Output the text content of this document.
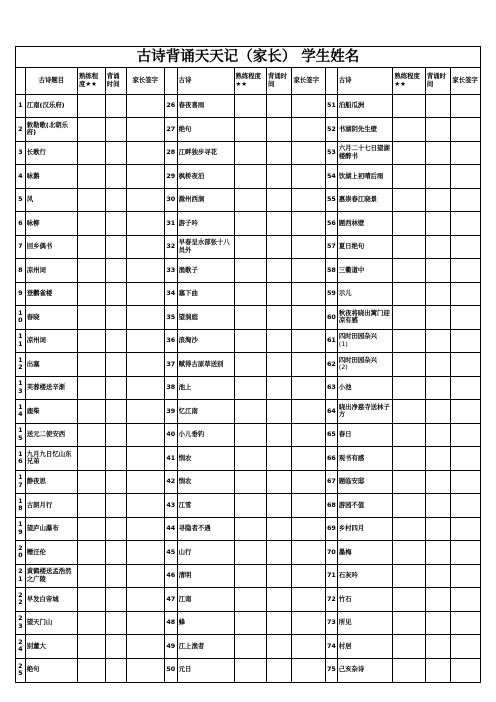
古诗背诵天天记（家长） 学生姓名
	古诗题目	熟练程度★★	背诵时间	家长签字		古诗	熟练程度★★	背诵时间	家长签字		古诗	熟练程度★★	背诵时间	家长签字
1	江南(汉乐府)				26	春夜喜雨				51	泊船瓜洲			
2	敕勒歌(北朝乐府)				27	绝句				52	书湖阴先生壁			
3	长歌行				28	江畔独步寻花				53	六月二十七日望湖楼醉书			
4	咏鹅				29	枫桥夜泊				54	饮湖上初晴后雨			
5	风				30	滁州西涧				55	惠崇春江晓景			
6	咏柳				31	游子吟				56	题西林壁			
7	回乡偶书				32	早春呈水部张十八员外				57	夏日绝句			
8	凉州词				33	渔歌子				58	三衢道中			
9	登鹳雀楼				34	塞下曲				59	示儿			
10	春晓				35	望洞庭				60	秋夜将晓出篱门迎凉有感			
11	凉州词				36	浪淘沙				61	四时田园杂兴
(1)			
12	出塞				37	赋得古原草送别				62	四时田园杂兴
(2)			
13	芙蓉楼送辛渐				38	池上				63	小池			
14	鹿柴				39	忆江南				64	晓出净慈寺送林子方			
15	送元二使安西				40	小儿垂钓				65	春日			
16	九月九日忆山东兄弟				41	悯农				66	观书有感			
17	静夜思				42	悯农				67	题临安邸			
18	古朗月行				43	江雪				68	游园不值			
19	望庐山瀑布				44	寻隐者不遇				69	乡村四月			
20	赠汪伦				45	山行				70	墨梅			
21	黄鹤楼送孟浩然之广陵				46	清明				71	石灰吟			
22	早发白帝城				47	江南				72	竹石			
23	望天门山				48	蜂				73	所见			
24	别董大				49	江上渔者				74	村居			
25	绝句				50	元日				75	己亥杂诗			
